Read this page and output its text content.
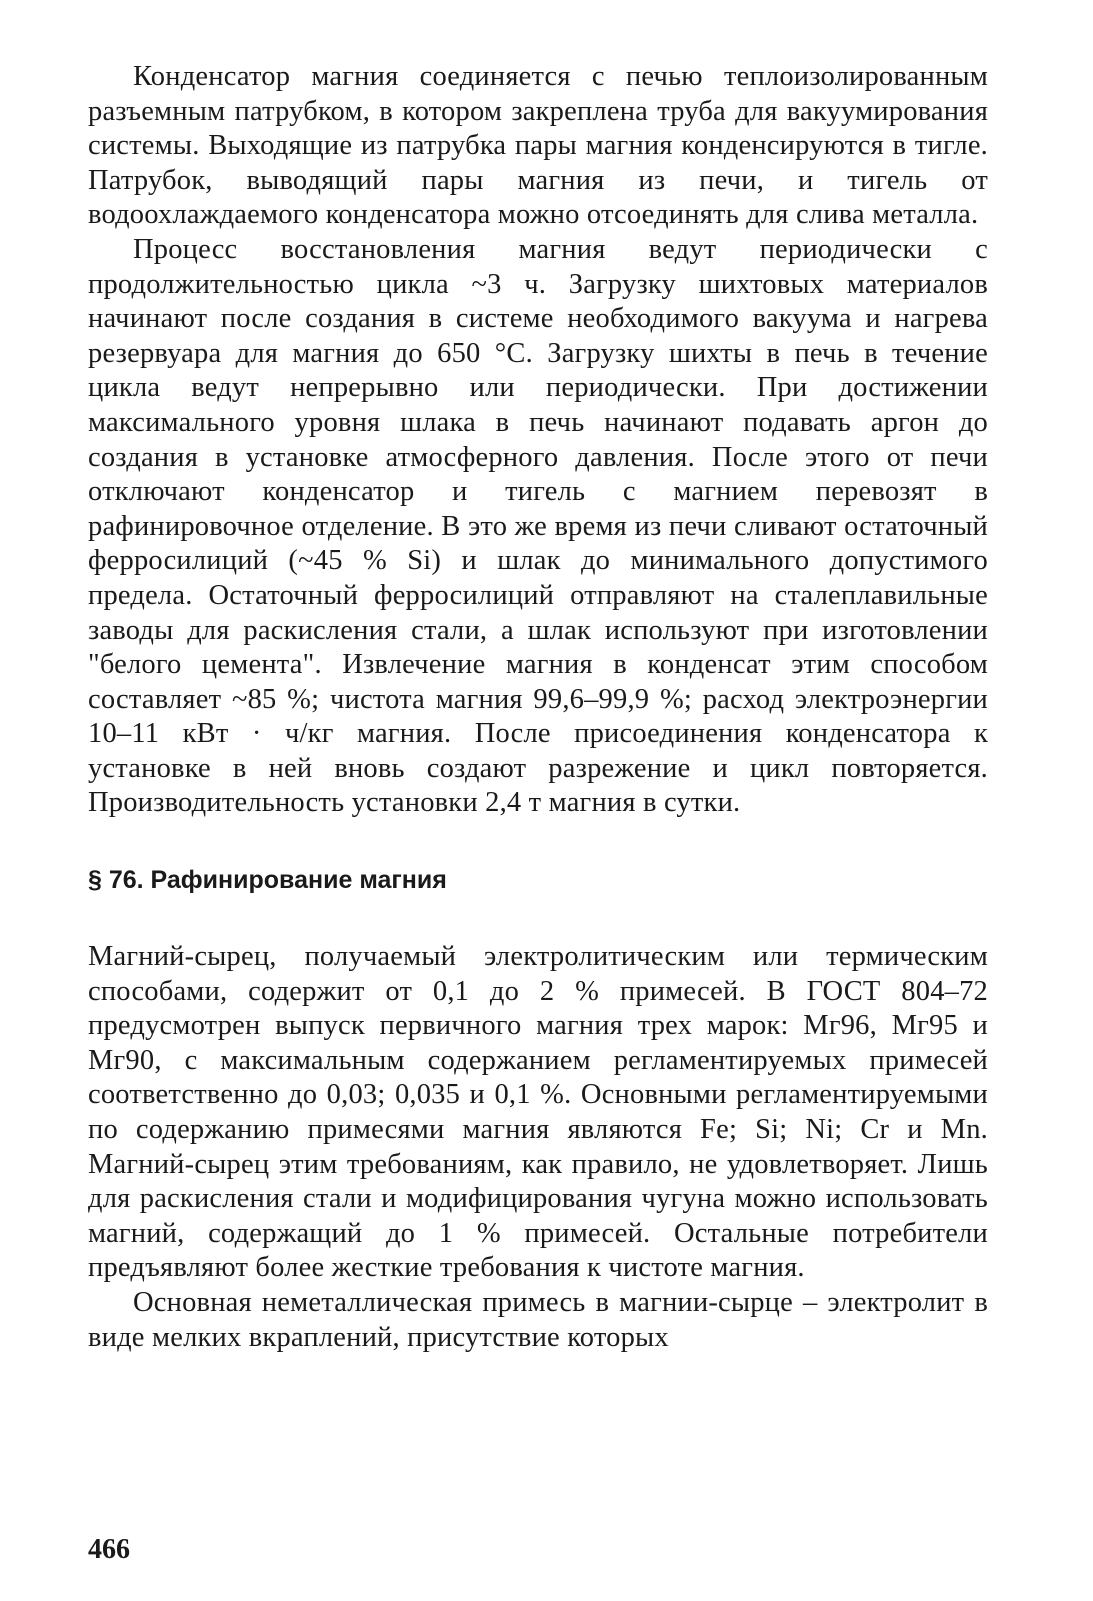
Конденсатор магния соединяется с печью теплоизолированным разъемным патрубком, в котором закреплена труба для вакуумирования системы. Выходящие из патрубка пары магния конденсируются в тигле. Патрубок, выводящий пары магния из печи, и тигель от водоохлаждаемого конденсатора можно отсоединять для слива металла.

Процесс восстановления магния ведут периодически с продолжительностью цикла ~3 ч. Загрузку шихтовых материалов начинают после создания в системе необходимого вакуума и нагрева резервуара для магния до 650 °С. Загрузку шихты в печь в течение цикла ведут непрерывно или периодически. При достижении максимального уровня шлака в печь начинают подавать аргон до создания в установке атмосферного давления. После этого от печи отключают конденсатор и тигель с магнием перевозят в рафинировочное отделение. В это же время из печи сливают остаточный ферросилиций (~45 % Si) и шлак до минимального допустимого предела. Остаточный ферросилиций отправляют на сталеплавильные заводы для раскисления стали, а шлак используют при изготовлении "белого цемента". Извлечение магния в конденсат этим способом составляет ~85 %; чистота магния 99,6–99,9 %; расход электроэнергии 10–11 кВт · ч/кг магния. После присоединения конденсатора к установке в ней вновь создают разрежение и цикл повторяется. Производительность установки 2,4 т магния в сутки.

§ 76. Рафинирование магния

Магний-сырец, получаемый электролитическим или термическим способами, содержит от 0,1 до 2 % примесей. В ГОСТ 804–72 предусмотрен выпуск первичного магния трех марок: Мг96, Мг95 и Мг90, с максимальным содержанием регламентируемых примесей соответственно до 0,03; 0,035 и 0,1 %. Основными регламентируемыми по содержанию примесями магния являются Fe; Si; Ni; Cr и Mn. Магний-сырец этим требованиям, как правило, не удовлетворяет. Лишь для раскисления стали и модифицирования чугуна можно использовать магний, содержащий до 1 % примесей. Остальные потребители предъявляют более жесткие требования к чистоте магния.

Основная неметаллическая примесь в магнии-сырце – электролит в виде мелких вкраплений, присутствие которых

466
